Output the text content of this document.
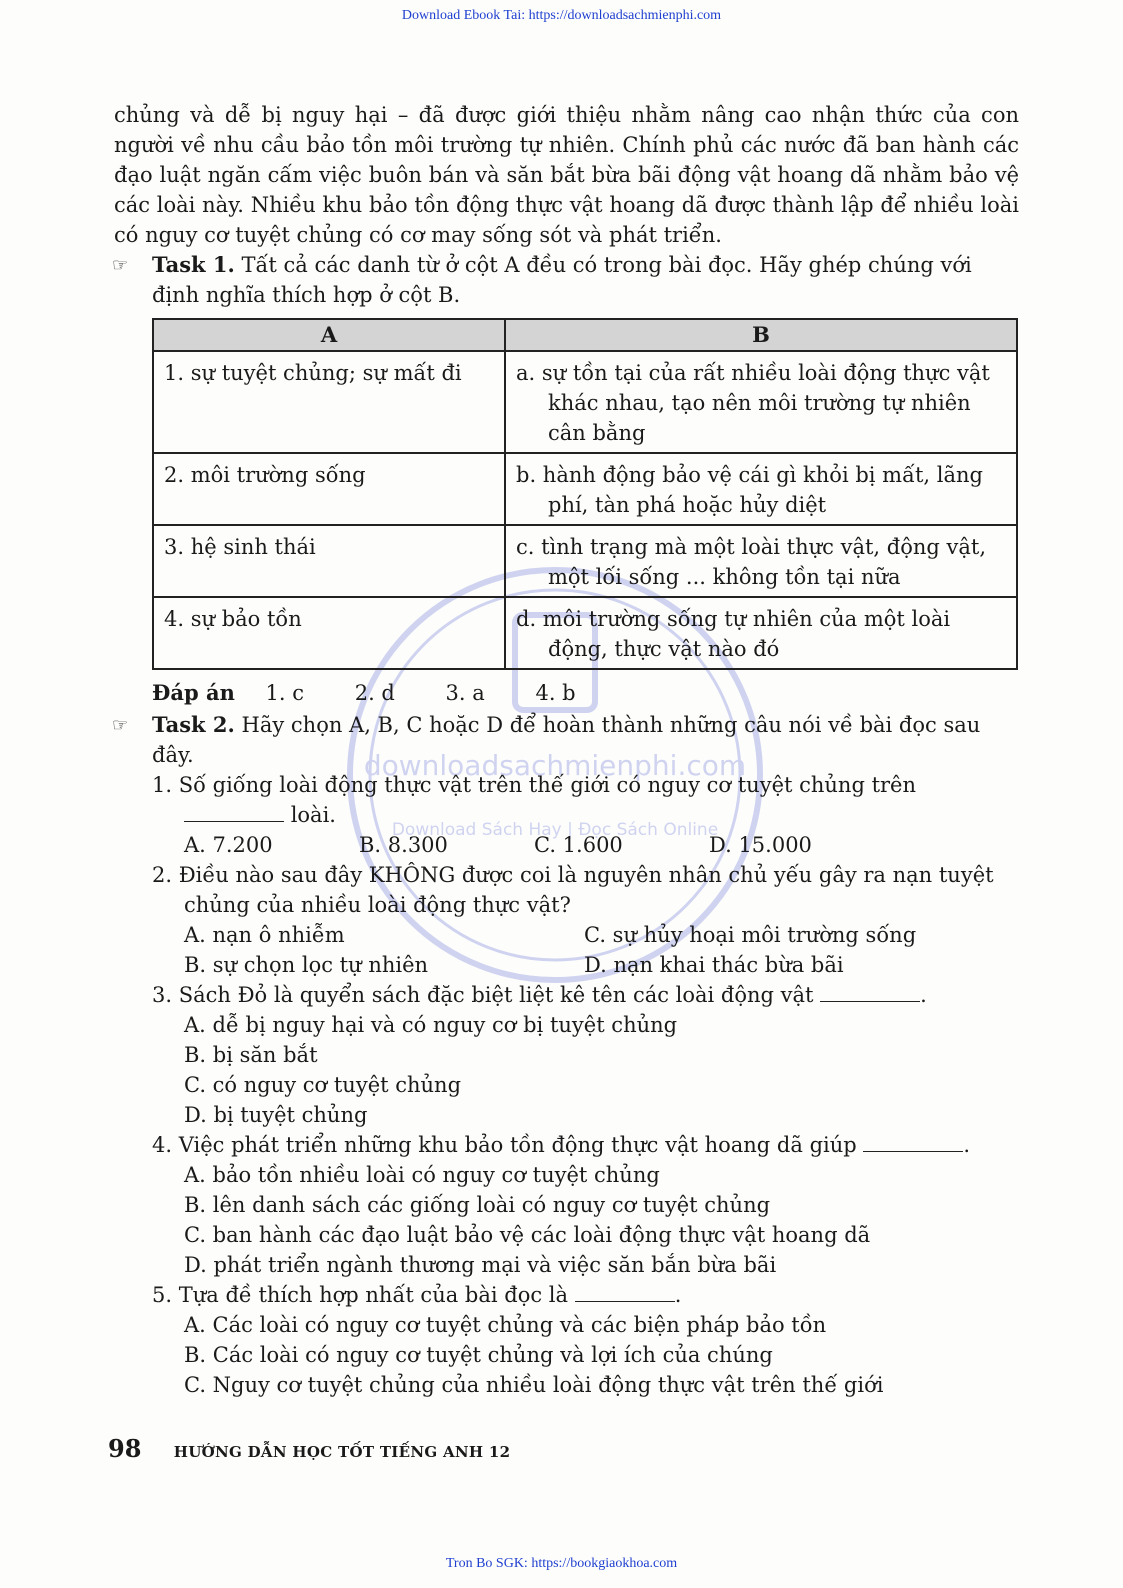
Download Ebook Tai: https://downloadsachmienphi.com
downloadsachmienphi.com
Download Sách Hay | Đọc Sách Online

chủng và dễ bị nguy hại – đã được giới thiệu nhằm nâng cao nhận thức của con người về nhu cầu bảo tồn môi trường tự nhiên. Chính phủ các nước đã ban hành các đạo luật ngăn cấm việc buôn bán và săn bắt bừa bãi động vật hoang dã nhằm bảo vệ các loài này. Nhiều khu bảo tồn động thực vật hoang dã được thành lập để nhiều loài có nguy cơ tuyệt chủng có cơ may sống sót và phát triển.

☞ Task 1. Tất cả các danh từ ở cột A đều có trong bài đọc. Hãy ghép chúng với định nghĩa thích hợp ở cột B.

A	B
1. sự tuyệt chủng; sự mất đi	a. sự tồn tại của rất nhiều loài động thực vật khác nhau, tạo nên môi trường tự nhiên cân bằng

2. môi trường sống	b. hành động bảo vệ cái gì khỏi bị mất, lãng phí, tàn phá hoặc hủy diệt

3. hệ sinh thái	c. tình trạng mà một loài thực vật, động vật, một lối sống ... không tồn tại nữa

4. sự bảo tồn	d. môi trường sống tự nhiên của một loài động, thực vật nào đó
Đáp án 1. c 2. d 3. a 4. b

☞ Task 2. Hãy chọn A, B, C hoặc D để hoàn thành những câu nói về bài đọc sau đây.

1. Số giống loài động thực vật trên thế giới có nguy cơ tuyệt chủng trên
loài.
A. 7.200	B. 8.300	C. 1.600	D. 15.000
2. Điều nào sau đây KHÔNG được coi là nguyên nhân chủ yếu gây ra nạn tuyệt chủng của nhiều loài động thực vật?
A. nạn ô nhiễm	C. sự hủy hoại môi trường sống
B. sự chọn lọc tự nhiên	D. nạn khai thác bừa bãi
3. Sách Đỏ là quyển sách đặc biệt liệt kê tên các loài động vật	.
A. dễ bị nguy hại và có nguy cơ bị tuyệt chủng
B. bị săn bắt
C. có nguy cơ tuyệt chủng
D. bị tuyệt chủng
4. Việc phát triển những khu bảo tồn động thực vật hoang dã giúp	.
A. bảo tồn nhiều loài có nguy cơ tuyệt chủng
B. lên danh sách các giống loài có nguy cơ tuyệt chủng
C. ban hành các đạo luật bảo vệ các loài động thực vật hoang dã
D. phát triển ngành thương mại và việc săn bắn bừa bãi
5. Tựa đề thích hợp nhất của bài đọc là	.
A. Các loài có nguy cơ tuyệt chủng và các biện pháp bảo tồn
B. Các loài có nguy cơ tuyệt chủng và lợi ích của chúng
C. Nguy cơ tuyệt chủng của nhiều loài động thực vật trên thế giới
98 HƯỚNG DẪN HỌC TỐT TIẾNG ANH 12
Tron Bo SGK: https://bookgiaokhoa.com
